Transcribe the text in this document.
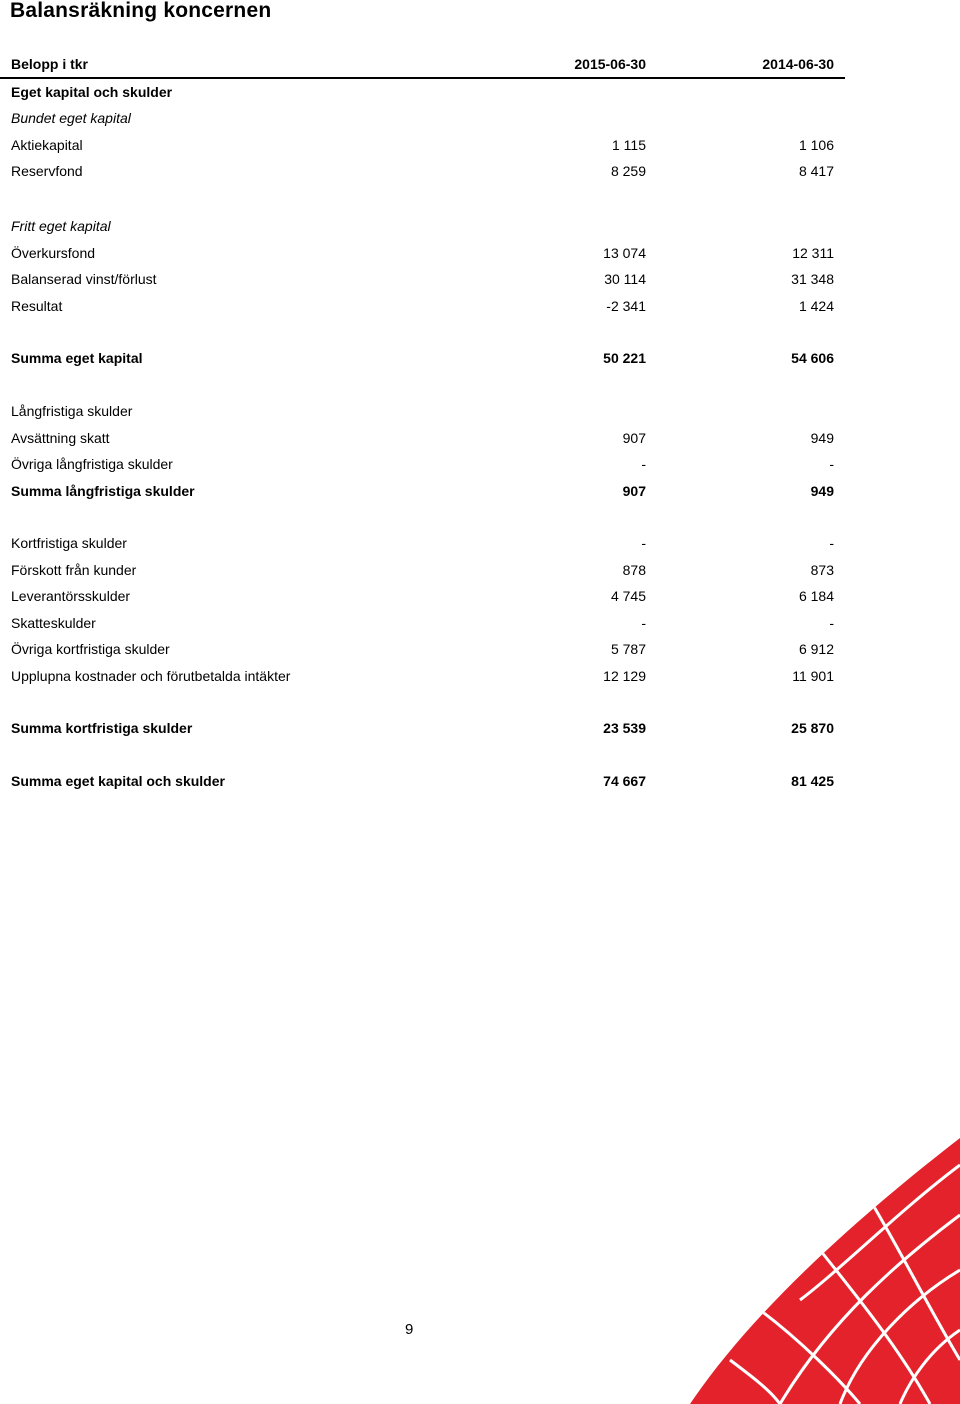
Balansräkning koncernen
Belopp i tkr	2015-06-30	2014-06-30
Eget kapital och skulder
Bundet eget kapital
Aktiekapital	1 115	1 106
Reservfond	8 259	8 417
Fritt eget kapital
Överkursfond	13 074	12 311
Balanserad vinst/förlust	30 114	31 348
Resultat	-2 341	1 424
Summa eget kapital	50 221	54 606
Långfristiga skulder
Avsättning skatt	907	949
Övriga långfristiga skulder	-	-
Summa långfristiga skulder	907	949
Kortfristiga skulder	-	-
Förskott från kunder	878	873
Leverantörsskulder	4 745	6 184
Skatteskulder	-	-
Övriga kortfristiga skulder	5 787	6 912
Upplupna kostnader och förutbetalda intäkter	12 129	11 901
Summa kortfristiga skulder	23 539	25 870
Summa eget kapital och skulder	74 667	81 425
9
